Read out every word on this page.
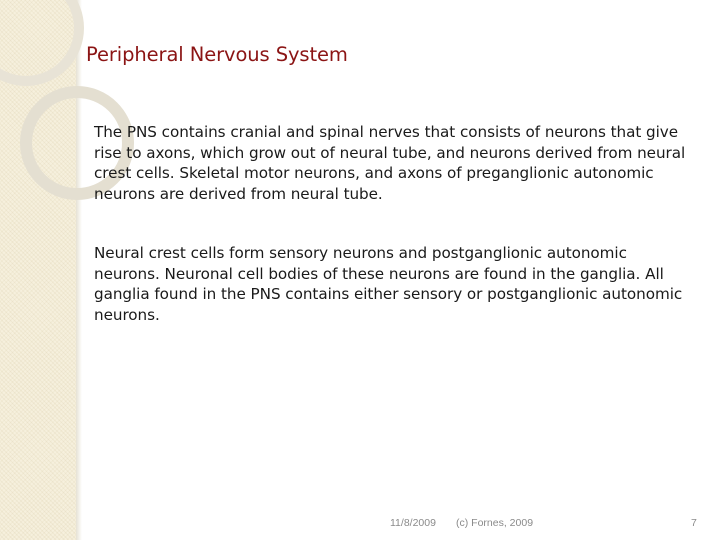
Peripheral Nervous System
The PNS contains cranial and spinal nerves that consists of neurons that give rise to axons, which grow out of neural tube, and neurons derived from neural crest cells. Skeletal motor neurons, and axons of preganglionic autonomic neurons are derived from neural tube.
Neural crest cells form sensory neurons and postganglionic autonomic neurons. Neuronal cell bodies of these neurons are found in the ganglia. All ganglia found in the PNS contains either sensory or postganglionic autonomic neurons.
11/8/2009 (c) Fornes, 2009	7
